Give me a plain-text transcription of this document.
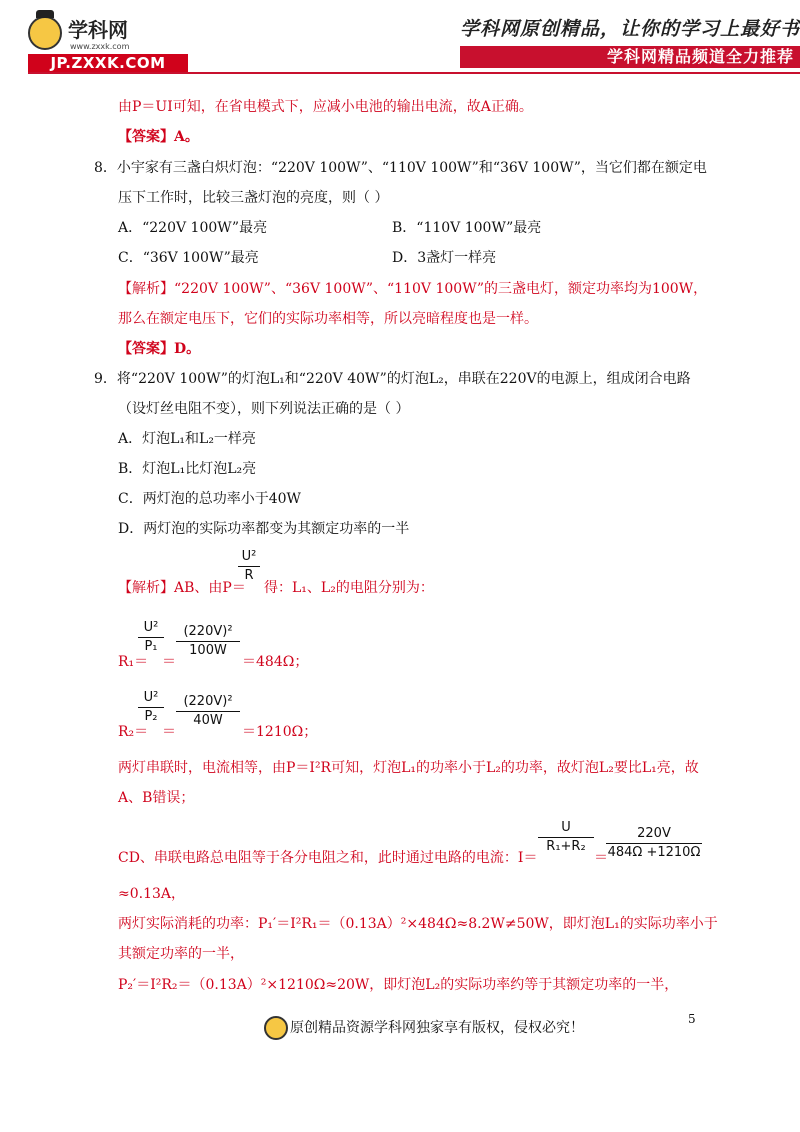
学科网
www.zxxk.com
JP.ZXXK.COM
学科网原创精品，让你的学习上最好书
学科网精品频道全力推荐
由P＝UI可知，在省电模式下，应减小电池的输出电流，故A正确。
【答案】A。
8．小宇家有三盏白炽灯泡：“220V 100W”、“110V 100W”和“36V 100W”，当它们都在额定电
压下工作时，比较三盏灯泡的亮度，则（ ）
A．“220V 100W”最亮	B．“110V 100W”最亮
C．“36V 100W”最亮	D．3盏灯一样亮
【解析】“220V 100W”、“36V 100W”、“110V 100W”的三盏电灯，额定功率均为100W，
那么在额定电压下，它们的实际功率相等，所以亮暗程度也是一样。
【答案】D。
9．将“220V 100W”的灯泡L₁和“220V 40W”的灯泡L₂，串联在220V的电源上，组成闭合电路
（设灯丝电阻不变），则下列说法正确的是（ ）
A．灯泡L₁和L₂一样亮
B．灯泡L₁比灯泡L₂亮
C．两灯泡的总功率小于40W
D．两灯泡的实际功率都变为其额定功率的一半
【解析】AB、由P＝
U²
R
得：L₁、L₂的电阻分别为：
R₁＝
U²
P₁
＝
(220V)²
100W
＝484Ω；
R₂＝
U²
P₂
＝
(220V)²
40W
＝1210Ω；
两灯串联时，电流相等，由P＝I²R可知，灯泡L₁的功率小于L₂的功率，故灯泡L₂要比L₁亮，故
A、B错误；
CD、串联电路总电阻等于各分电阻之和，此时通过电路的电流：I＝
U
R₁+R₂
＝
220V
484Ω +1210Ω
≈0.13A，
两灯实际消耗的功率：P₁′＝I²R₁＝（0.13A）²×484Ω≈8.2W≠50W，即灯泡L₁的实际功率小于
其额定功率的一半，
P₂′＝I²R₂＝（0.13A）²×1210Ω≈20W，即灯泡L₂的实际功率约等于其额定功率的一半，
5
原创精品资源学科网独家享有版权，侵权必究！
